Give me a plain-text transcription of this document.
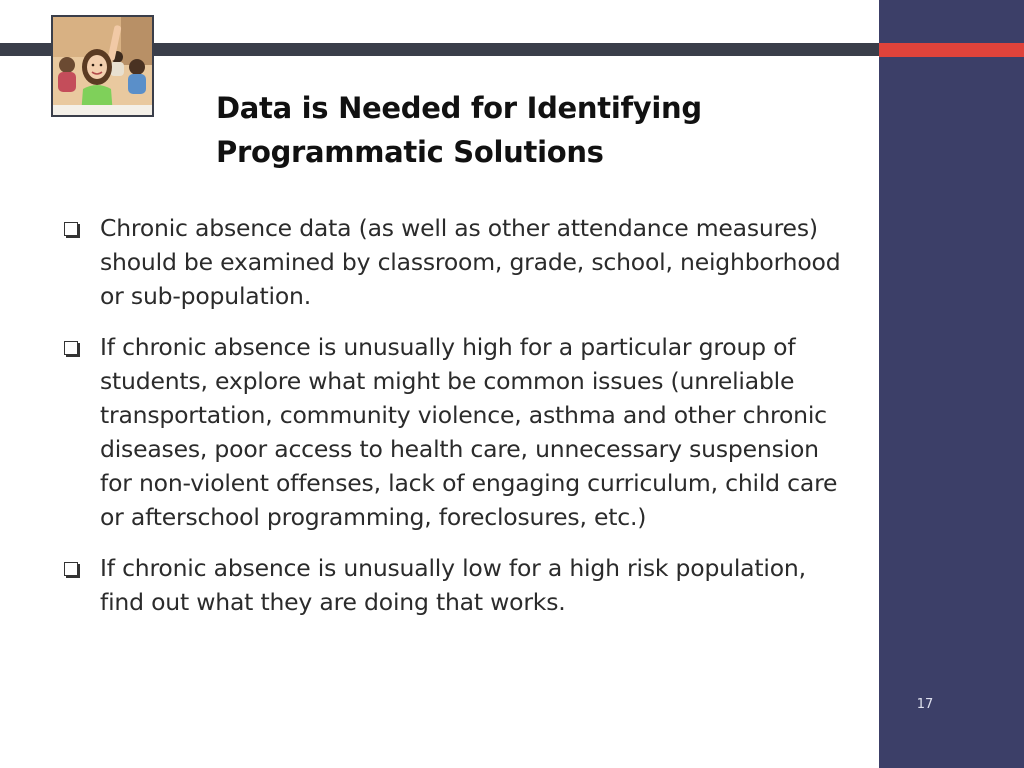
Data is Needed for Identifying
Programmatic Solutions
Chronic absence data (as well as other attendance measures) should be examined by classroom, grade, school, neighborhood or sub-population.
If chronic absence is unusually high for a particular group of students, explore what might be common issues (unreliable transportation, community violence, asthma and other chronic diseases, poor access to health care, unnecessary suspension for non-violent offenses, lack of engaging curriculum, child care or afterschool programming, foreclosures, etc.)
If chronic absence is unusually low for a high risk population, find out what they are doing that works.
17
